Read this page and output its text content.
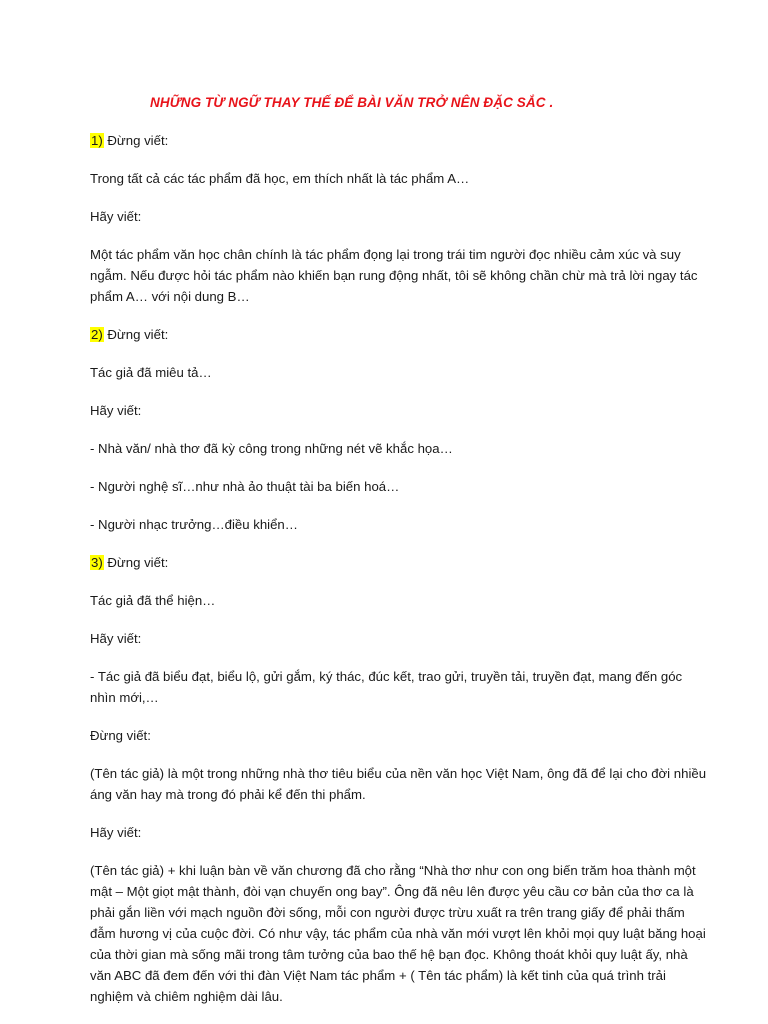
NHỮNG TỪ NGỮ THAY THẾ ĐỂ BÀI VĂN TRỞ NÊN ĐẶC SẮC .
1) Đừng viết:
Trong tất cả các tác phẩm đã học, em thích nhất là tác phẩm A…
Hãy viết:
Một tác phẩm văn học chân chính là tác phẩm đọng lại trong trái tim người đọc nhiều cảm xúc và suy ngẫm. Nếu được hỏi tác phẩm nào khiến bạn rung động nhất, tôi sẽ không chần chừ mà trả lời ngay tác phẩm A… với nội dung B…
2) Đừng viết:
Tác giả đã miêu tả…
Hãy viết:
- Nhà văn/ nhà thơ đã kỳ công trong những nét vẽ khắc họa…
- Người nghệ sĩ…như nhà ảo thuật tài ba biến hoá…
- Người nhạc trưởng…điều khiển…
3) Đừng viết:
Tác giả đã thể hiện…
Hãy viết:
- Tác giả đã biểu đạt, biểu lộ, gửi gắm, ký thác, đúc kết, trao gửi, truyền tải, truyền đạt, mang đến góc nhìn mới,…
Đừng viết:
(Tên tác giả) là một trong những nhà thơ tiêu biểu của nền văn học Việt Nam, ông đã để lại cho đời nhiều áng văn hay mà trong đó phải kể đến thi phẩm.
Hãy viết:
(Tên tác giả) + khi luận bàn về văn chương đã cho rằng “Nhà thơ như con ong biến trăm hoa thành một mật – Một giọt mật thành, đòi vạn chuyến ong bay”. Ông đã nêu lên được yêu cầu cơ bản của thơ ca là phải gắn liền với mạch nguồn đời sống, mỗi con người được trừu xuất ra trên trang giấy để phải thấm đẫm hương vị của cuộc đời. Có như vậy, tác phẩm của nhà văn mới vượt lên khỏi mọi quy luật băng hoại của thời gian mà sống mãi trong tâm tưởng của bao thế hệ bạn đọc. Không thoát khỏi quy luật ấy, nhà văn ABC đã đem đến với thi đàn Việt Nam tác phẩm + ( Tên tác phẩm) là kết tinh của quá trình trải nghiệm và chiêm nghiệm dài lâu.
